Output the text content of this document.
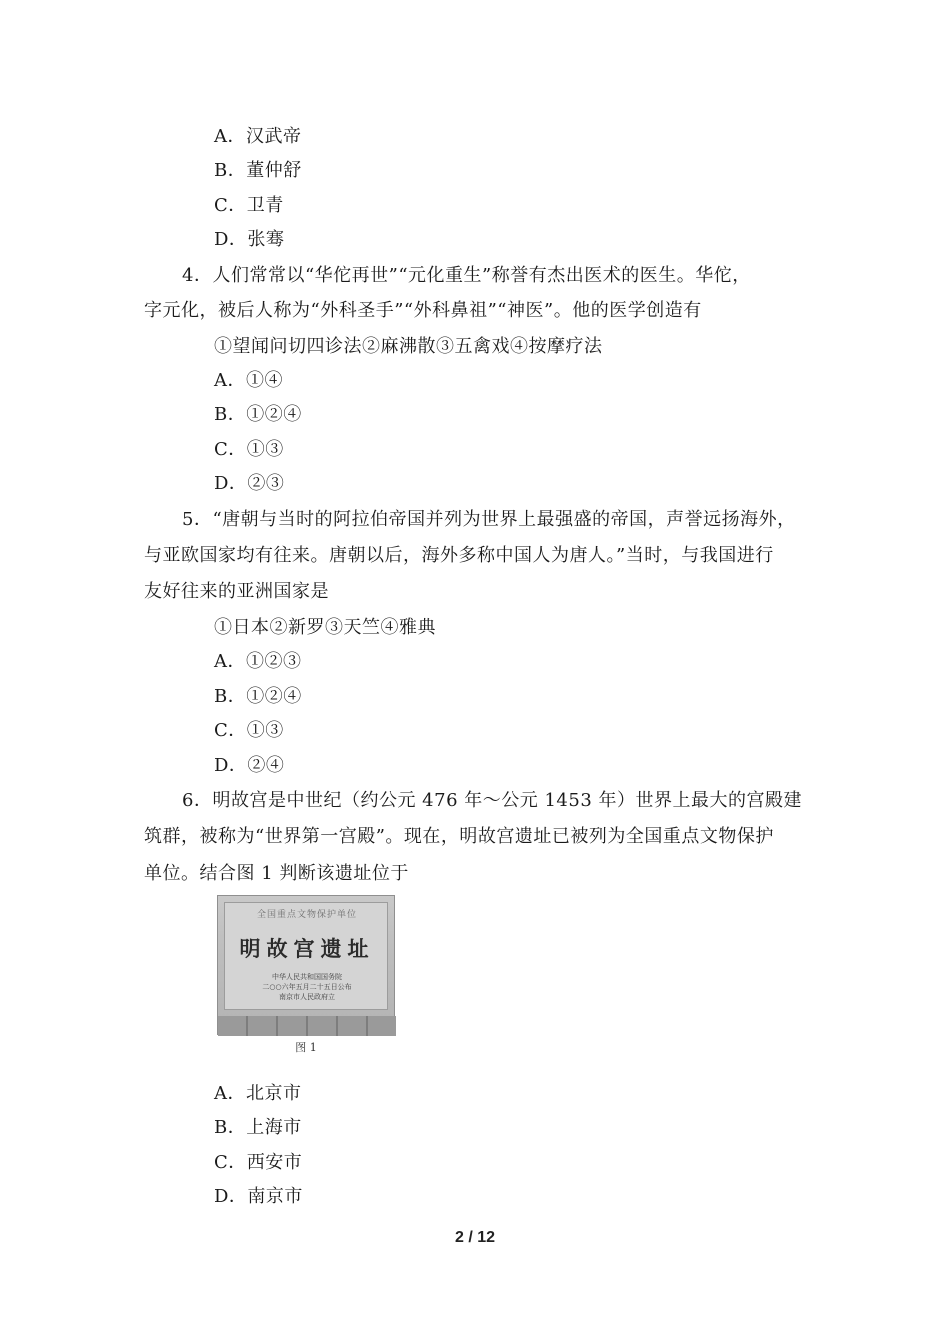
A．汉武帝
B．董仲舒
C．卫青
D．张骞
4．人们常常以“华佗再世”“元化重生”称誉有杰出医术的医生。华佗，
字元化，被后人称为“外科圣手”“外科鼻祖”“神医”。他的医学创造有
①望闻问切四诊法②麻沸散③五禽戏④按摩疗法
A．①④
B．①②④
C．①③
D．②③
5．“唐朝与当时的阿拉伯帝国并列为世界上最强盛的帝国，声誉远扬海外，
与亚欧国家均有往来。唐朝以后，海外多称中国人为唐人。”当时，与我国进行
友好往来的亚洲国家是
①日本②新罗③天竺④雅典
A．①②③
B．①②④
C．①③
D．②④
6．明故宫是中世纪（约公元 476 年～公元 1453 年）世界上最大的宫殿建
筑群，被称为“世界第一宫殿”。现在，明故宫遗址已被列为全国重点文物保护
单位。结合图 1 判断该遗址位于
全国重点文物保护单位
明故宫遗址
中华人民共和国国务院
二○○六年五月二十五日公布
南京市人民政府立
图 1
A．北京市
B．上海市
C．西安市
D．南京市
2 / 12
